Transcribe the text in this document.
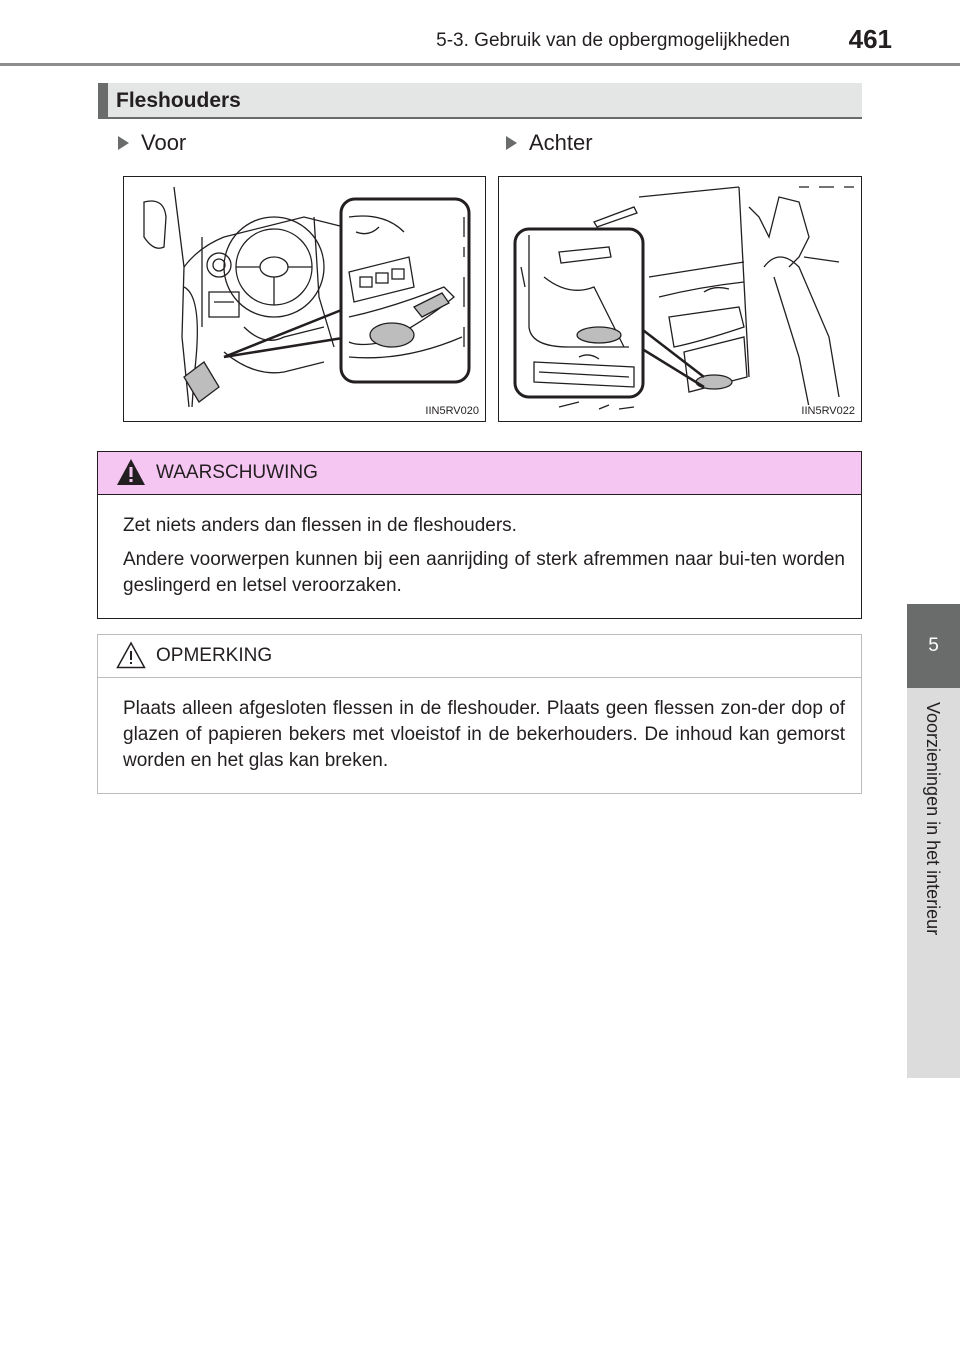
5-3. Gebruik van de opbergmogelijkheden	461
5
Voorzieningen in het interieur
Fleshouders
Voor	Achter
IIN5RV020	IIN5RV022
WAARSCHUWING

Zet niets anders dan flessen in de fleshouders.

Andere voorwerpen kunnen bij een aanrijding of sterk afremmen naar bui-ten worden geslingerd en letsel veroorzaken.

OPMERKING

Plaats alleen afgesloten flessen in de fleshouder. Plaats geen flessen zon-der dop of glazen of papieren bekers met vloeistof in de bekerhouders. De inhoud kan gemorst worden en het glas kan breken.
